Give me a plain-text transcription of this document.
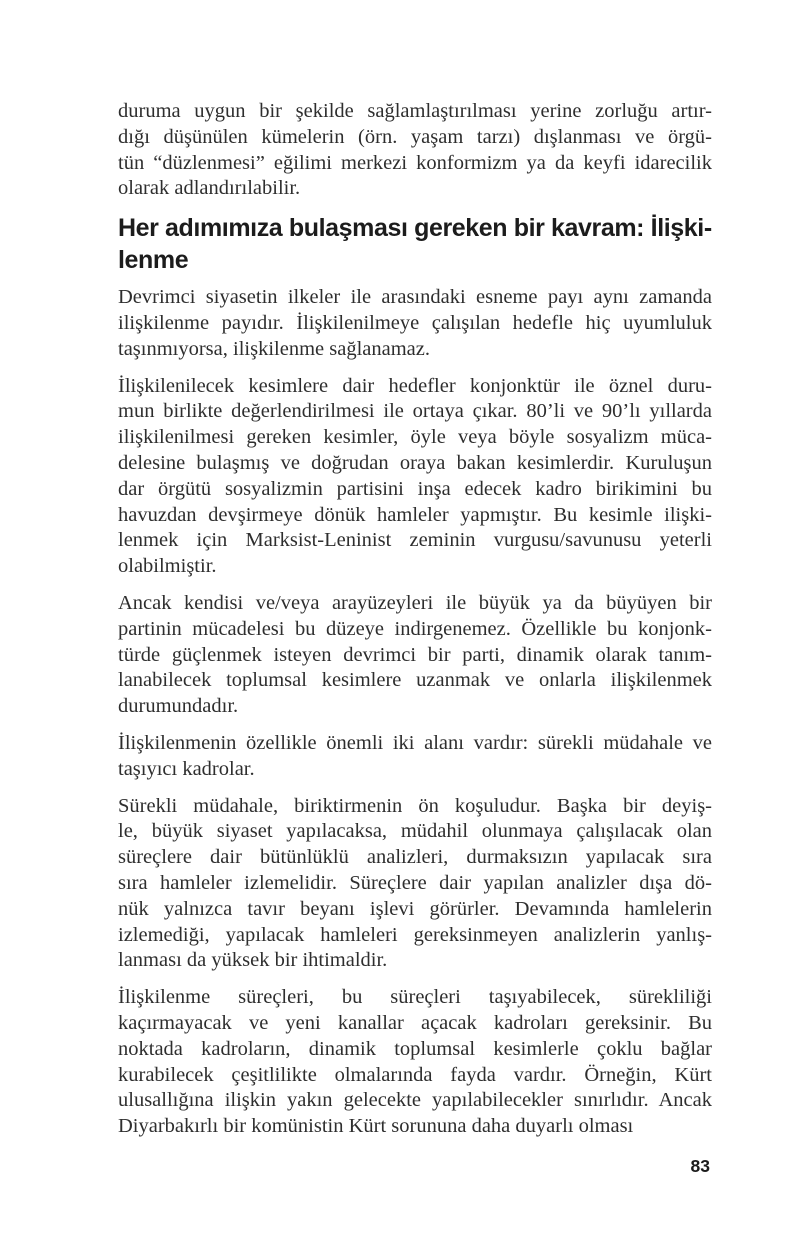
duruma uygun bir şekilde sağlamlaştırılması yerine zorluğu artır-
dığı düşünülen kümelerin (örn. yaşam tarzı) dışlanması ve örgü-
tün “düzlenmesi” eğilimi merkezi konformizm ya da keyfi idarecilik
olarak adlandırılabilir.
Her adımımıza bulaşması gereken bir kavram: İlişki-
lenme
Devrimci siyasetin ilkeler ile arasındaki esneme payı aynı zamanda
ilişkilenme payıdır. İlişkilenilmeye çalışılan hedefle hiç uyumluluk
taşınmıyorsa, ilişkilenme sağlanamaz.
İlişkilenilecek kesimlere dair hedefler konjonktür ile öznel duru-
mun birlikte değerlendirilmesi ile ortaya çıkar. 80’li ve 90’lı yıllarda
ilişkilenilmesi gereken kesimler, öyle veya böyle sosyalizm müca-
delesine bulaşmış ve doğrudan oraya bakan kesimlerdir. Kuruluşun
dar örgütü sosyalizmin partisini inşa edecek kadro birikimini bu
havuzdan devşirmeye dönük hamleler yapmıştır. Bu kesimle ilişki-
lenmek için Marksist-Leninist zeminin vurgusu/savunusu yeterli
olabilmiştir.
Ancak kendisi ve/veya arayüzeyleri ile büyük ya da büyüyen bir
partinin mücadelesi bu düzeye indirgenemez. Özellikle bu konjonk-
türde güçlenmek isteyen devrimci bir parti, dinamik olarak tanım-
lanabilecek toplumsal kesimlere uzanmak ve onlarla ilişkilenmek
durumundadır.
İlişkilenmenin özellikle önemli iki alanı vardır: sürekli müdahale ve
taşıyıcı kadrolar.
Sürekli müdahale, biriktirmenin ön koşuludur. Başka bir deyiş-
le, büyük siyaset yapılacaksa, müdahil olunmaya çalışılacak olan
süreçlere dair bütünlüklü analizleri, durmaksızın yapılacak sıra
sıra hamleler izlemelidir. Süreçlere dair yapılan analizler dışa dö-
nük yalnızca tavır beyanı işlevi görürler. Devamında hamlelerin
izlemediği, yapılacak hamleleri gereksinmeyen analizlerin yanlış-
lanması da yüksek bir ihtimaldir.
İlişkilenme süreçleri, bu süreçleri taşıyabilecek, sürekliliği
kaçırmayacak ve yeni kanallar açacak kadroları gereksinir. Bu
noktada kadroların, dinamik toplumsal kesimlerle çoklu bağlar
kurabilecek çeşitlilikte olmalarında fayda vardır. Örneğin, Kürt
ulusallığına ilişkin yakın gelecekte yapılabilecekler sınırlıdır. Ancak
Diyarbakırlı bir komünistin Kürt sorununa daha duyarlı olması
83
